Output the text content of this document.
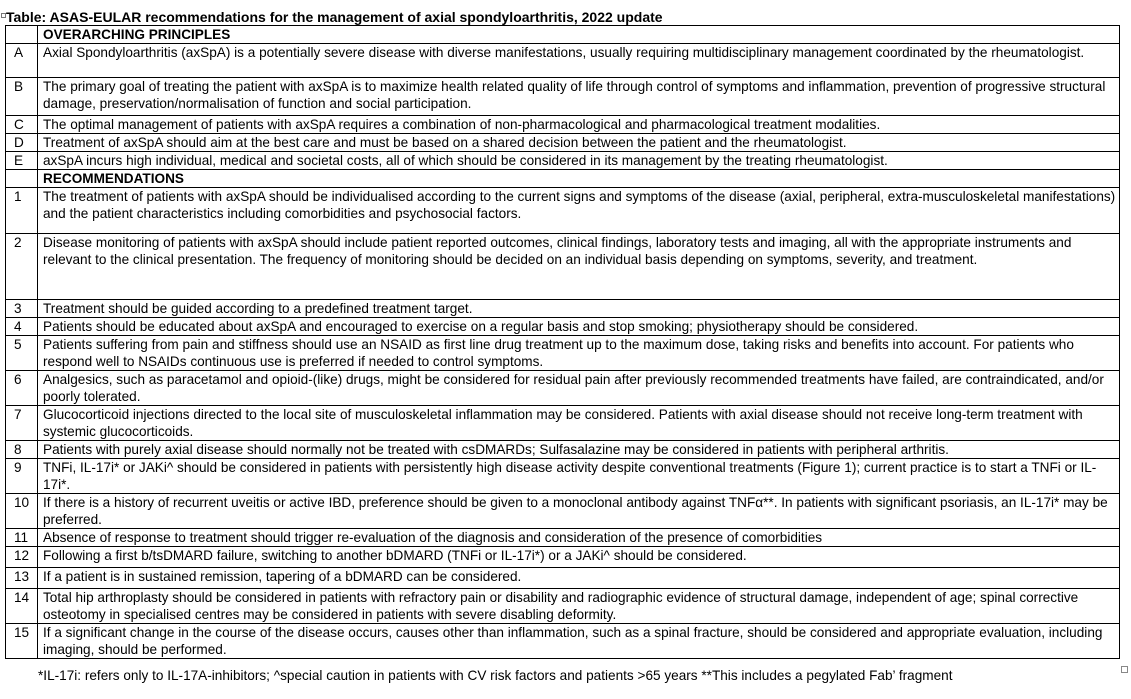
Table: ASAS-EULAR recommendations for the management of axial spondyloarthritis, 2022 update
	OVERARCHING PRINCIPLES
A	Axial Spondyloarthritis (axSpA) is a potentially severe disease with diverse manifestations, usually requiring multidisciplinary management coordinated by the rheumatologist.
B	The primary goal of treating the patient with axSpA is to maximize health related quality of life through control of symptoms and inflammation, prevention of progressive structural damage, preservation/normalisation of function and social participation.
C	The optimal management of patients with axSpA requires a combination of non-pharmacological and pharmacological treatment modalities.
D	Treatment of axSpA should aim at the best care and must be based on a shared decision between the patient and the rheumatologist.
E	axSpA incurs high individual, medical and societal costs, all of which should be considered in its management by the treating rheumatologist.
	RECOMMENDATIONS
1	The treatment of patients with axSpA should be individualised according to the current signs and symptoms of the disease (axial, peripheral, extra-musculoskeletal manifestations) and the patient characteristics including comorbidities and psychosocial factors.
2	Disease monitoring of patients with axSpA should include patient reported outcomes, clinical findings, laboratory tests and imaging, all with the appropriate instruments and relevant to the clinical presentation. The frequency of monitoring should be decided on an individual basis depending on symptoms, severity, and treatment.
3	Treatment should be guided according to a predefined treatment target.
4	Patients should be educated about axSpA and encouraged to exercise on a regular basis and stop smoking; physiotherapy should be considered.
5	Patients suffering from pain and stiffness should use an NSAID as first line drug treatment up to the maximum dose, taking risks and benefits into account. For patients who respond well to NSAIDs continuous use is preferred if needed to control symptoms.
6	Analgesics, such as paracetamol and opioid-(like) drugs, might be considered for residual pain after previously recommended treatments have failed, are contraindicated, and/or poorly tolerated.
7	Glucocorticoid injections directed to the local site of musculoskeletal inflammation may be considered. Patients with axial disease should not receive long-term treatment with systemic glucocorticoids.
8	Patients with purely axial disease should normally not be treated with csDMARDs; Sulfasalazine may be considered in patients with peripheral arthritis.
9	TNFi, IL-17i* or JAKi^ should be considered in patients with persistently high disease activity despite conventional treatments (Figure 1); current practice is to start a TNFi or IL-17i*.
10	If there is a history of recurrent uveitis or active IBD, preference should be given to a monoclonal antibody against TNFα**. In patients with significant psoriasis, an IL-17i* may be preferred.
11	Absence of response to treatment should trigger re-evaluation of the diagnosis and consideration of the presence of comorbidities
12	Following a first b/tsDMARD failure, switching to another bDMARD (TNFi or IL-17i*) or a JAKi^ should be considered.
13	If a patient is in sustained remission, tapering of a bDMARD can be considered.
14	Total hip arthroplasty should be considered in patients with refractory pain or disability and radiographic evidence of structural damage, independent of age; spinal corrective osteotomy in specialised centres may be considered in patients with severe disabling deformity.
15	If a significant change in the course of the disease occurs, causes other than inflammation, such as a spinal fracture, should be considered and appropriate evaluation, including imaging, should be performed.
*IL-17i: refers only to IL-17A-inhibitors; ^special caution in patients with CV risk factors and patients >65 years **This includes a pegylated Fab’ fragment
